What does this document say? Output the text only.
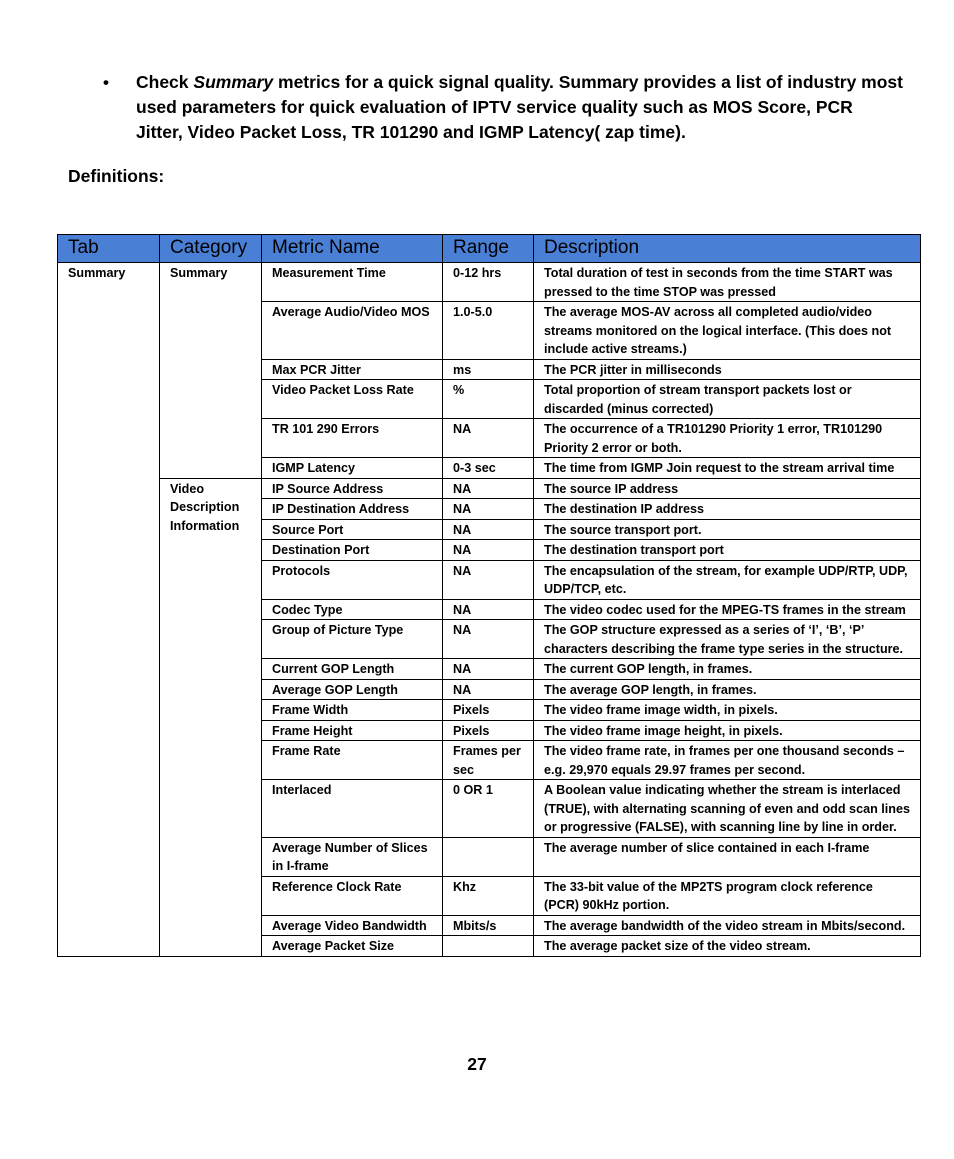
• Check Summary metrics for a quick signal quality. Summary provides a list of industry most used parameters for quick evaluation of IPTV service quality such as MOS Score, PCR Jitter, Video Packet Loss, TR 101290 and IGMP Latency( zap time).
Definitions:
Tab	Category	Metric Name	Range	Description
Summary	Summary	Measurement Time	0-12 hrs	Total duration of test in seconds from the time START was pressed to the time STOP was pressed
		Average Audio/Video MOS	1.0-5.0	The average MOS-AV across all completed audio/video streams monitored on the logical interface. (This does not include active streams.)
		Max PCR Jitter	ms	The PCR jitter in milliseconds
		Video Packet Loss Rate	%	Total proportion of stream transport packets lost or discarded (minus corrected)
		TR 101 290 Errors	NA	The occurrence of a TR101290 Priority 1 error, TR101290 Priority 2 error or both.
		IGMP Latency	0-3 sec	The time from IGMP Join request to the stream arrival time
	Video Description Information	IP Source Address	NA	The source IP address
		IP Destination Address	NA	The destination IP address
		Source Port	NA	The source transport port.
		Destination Port	NA	The destination transport port
		Protocols	NA	The encapsulation of the stream, for example UDP/RTP, UDP, UDP/TCP, etc.
		Codec Type	NA	The video codec used for the MPEG-TS frames in the stream
		Group of Picture Type	NA	The GOP structure expressed as a series of ‘I’, ‘B’, ‘P’ characters describing the frame type series in the structure.
		Current GOP Length	NA	The current GOP length, in frames.
		Average GOP Length	NA	The average GOP length, in frames.
		Frame Width	Pixels	The video frame image width, in pixels.
		Frame Height	Pixels	The video frame image height, in pixels.
		Frame Rate	Frames per sec	The video frame rate, in frames per one thousand seconds – e.g. 29,970 equals 29.97 frames per second.
		Interlaced	0 OR 1	A Boolean value indicating whether the stream is interlaced (TRUE), with alternating scanning of even and odd scan lines or progressive (FALSE), with scanning line by line in order.
		Average Number of Slices in I-frame		The average number of slice contained in each I-frame
		Reference Clock Rate	Khz	The 33-bit value of the MP2TS program clock reference (PCR) 90kHz portion.
		Average Video Bandwidth	Mbits/s	The average bandwidth of the video stream in Mbits/second.
		Average Packet Size		The average packet size of the video stream.
27
